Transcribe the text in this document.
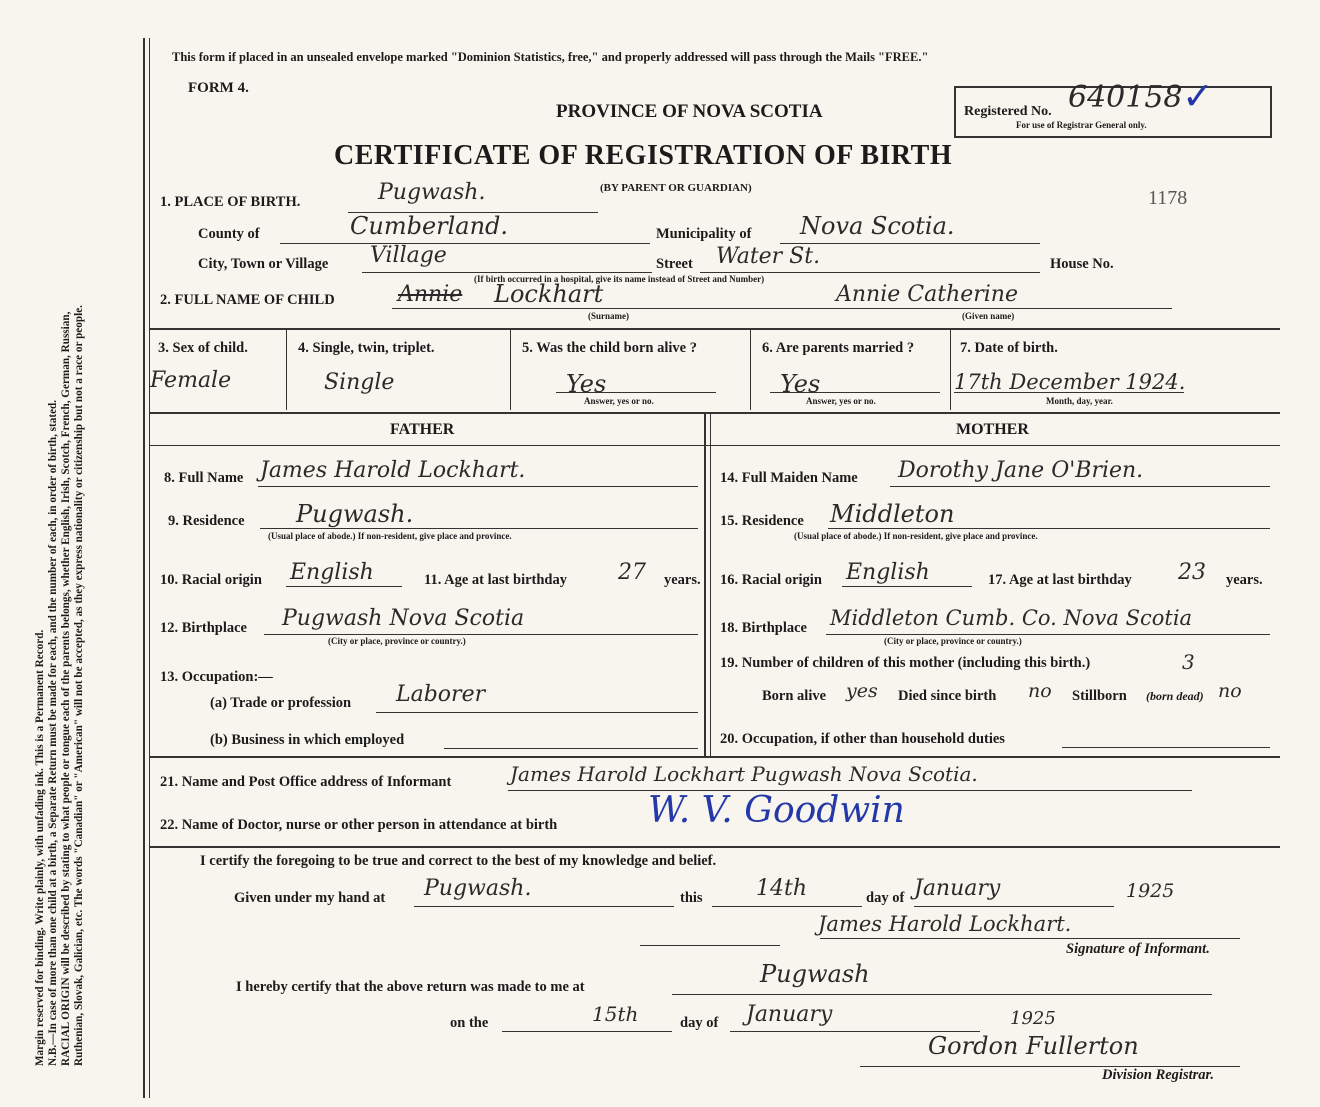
Margin reserved for binding. Write plainly, with unfading ink. This is a Permanent Record. N.B.—In case of more than one child at a birth, a Separate Return must be made for each, and the number of each, in order of birth, stated. RACIAL ORIGIN will be described by stating to what people or tongue each of the parents belongs, whether English, Irish, Scotch, French, German, Russian, Ruthenian, Slovak, Galician, etc. The words "Canadian" or "American" will not be accepted, as they express nationality or citizenship but not a race or people.
This form if placed in an unsealed envelope marked "Dominion Statistics, free," and properly addressed will pass through the Mails "FREE."
FORM 4.
PROVINCE OF NOVA SCOTIA
CERTIFICATE OF REGISTRATION OF BIRTH
(BY PARENT OR GUARDIAN)
Registered No. 640158 ✓
For use of Registrar General only.
1178
1. PLACE OF BIRTH.	Pugwash.
County of	Cumberland.	Municipality of Nova Scotia.
City, Town or Village Village	Street Water St.	House No.
(If birth occurred in a hospital, give its name instead of Street and Number)
2. FULL NAME OF CHILD	Annie Lockhart	Annie Catherine
(Surname)	(Given name)
3. Sex of child.
Female
4. Single, twin, triplet.
Single
5. Was the child born alive ?
Yes
Answer, yes or no.
6. Are parents married ?
Yes
Answer, yes or no.
7. Date of birth.
17th December 1924.
Month, day, year.
FATHER	MOTHER
8. Full Name James Harold Lockhart.
9. Residence Pugwash.
(Usual place of abode.) If non-resident, give place and province.
10. Racial origin English	11. Age at last birthday 27 years.
12. Birthplace Pugwash Nova Scotia
(City or place, province or country.)
13. Occupation:—
(a) Trade or profession Laborer
(b) Business in which employed
14. Full Maiden Name Dorothy Jane O'Brien.
15. Residence Middleton
(Usual place of abode.) If non-resident, give place and province.
16. Racial origin English	17. Age at last birthday 23 years.
18. Birthplace Middleton Cumb. Co. Nova Scotia
(City or place, province or country.)
19. Number of children of this mother (including this birth.)	3
Born alive yes Died since birth no Stillborn (born dead) no
20. Occupation, if other than household duties
21. Name and Post Office address of Informant	James Harold Lockhart Pugwash Nova Scotia.
22. Name of Doctor, nurse or other person in attendance at birth	W. V. Goodwin
I certify the foregoing to be true and correct to the best of my knowledge and belief.
Given under my hand at Pugwash.	this 14th	day of January	1925
James Harold Lockhart.
Signature of Informant.
I hereby certify that the above return was made to me at	Pugwash
on the	15th	day of January	1925
Gordon Fullerton
Division Registrar.
